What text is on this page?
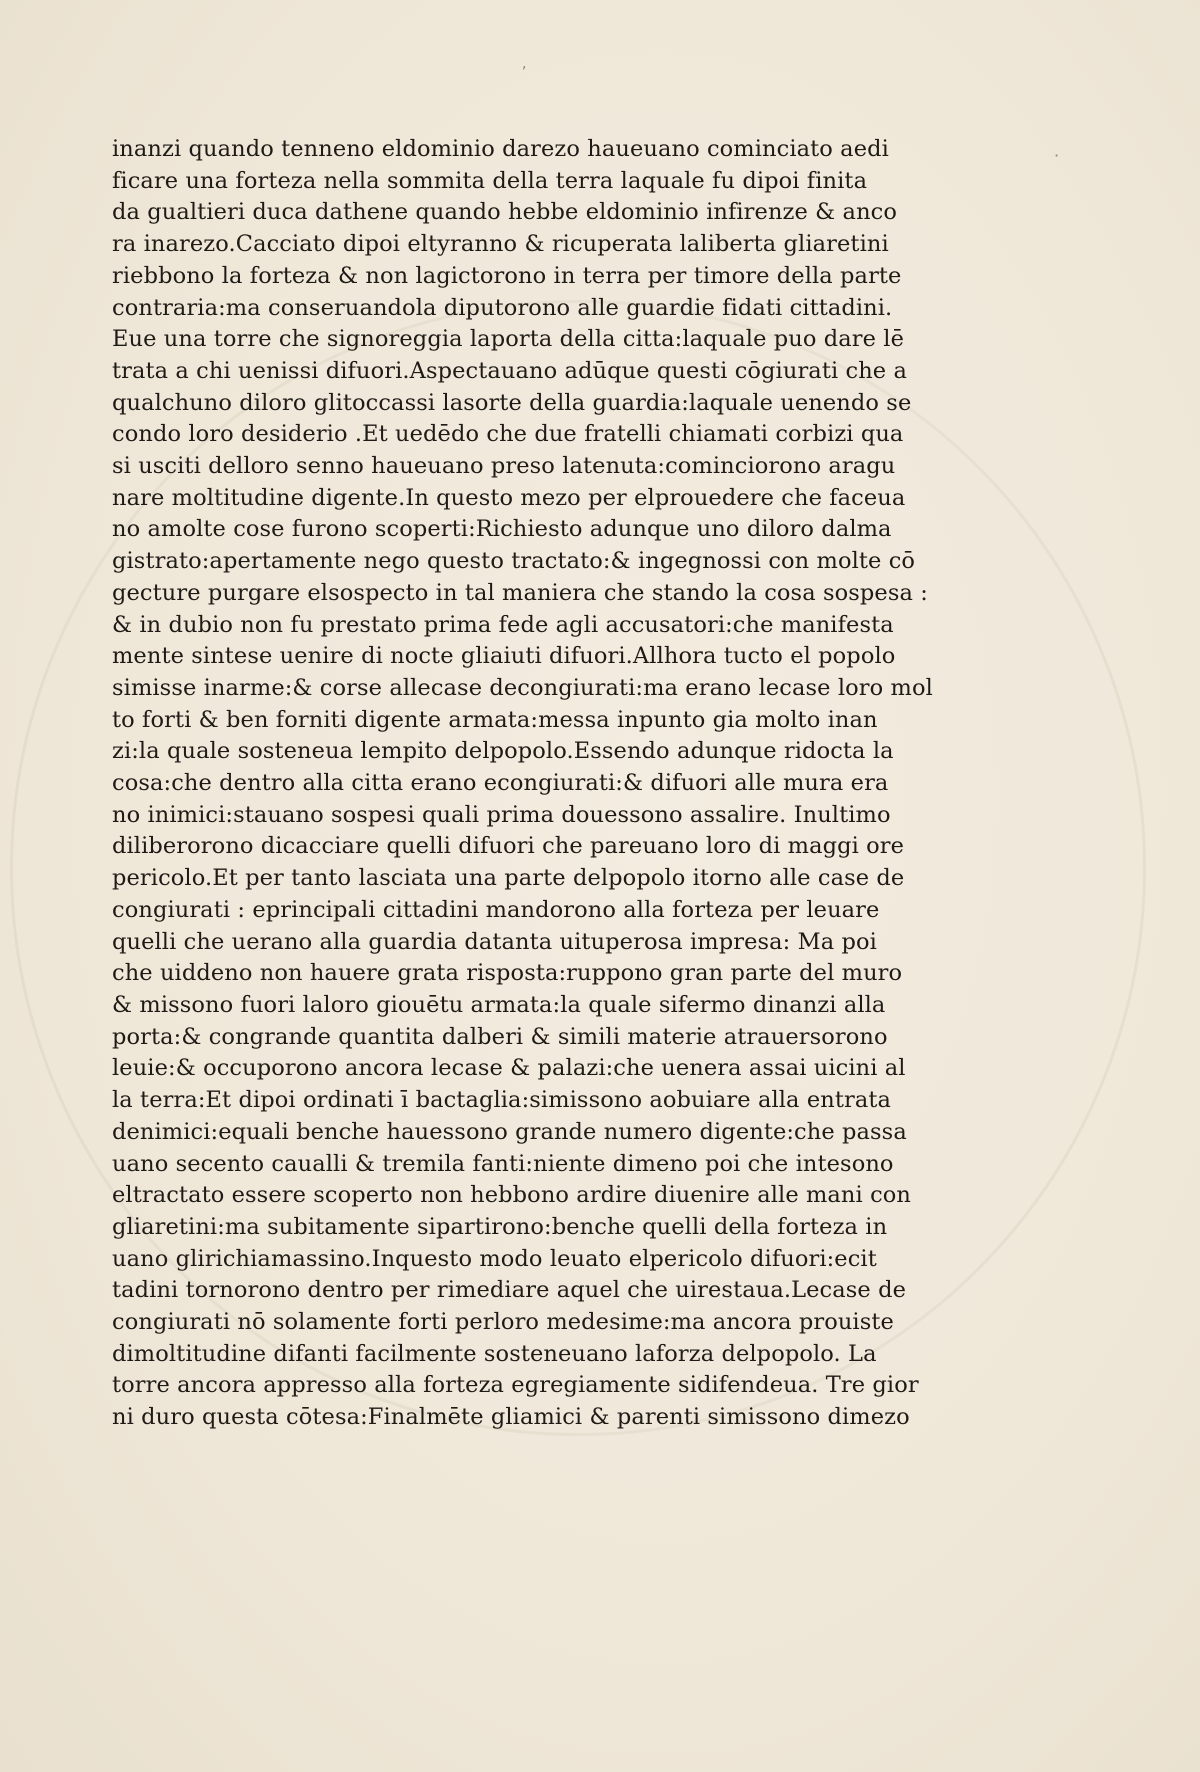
,
·
inanzi quando tenneno eldominio darezo haueuano cominciato aedi
ficare una forteza nella sommita della terra laquale fu dipoi finita
da gualtieri duca dathene quando hebbe eldominio infirenze & anco
ra inarezo.Cacciato dipoi eltyranno & ricuperata laliberta gliaretini
riebbono la forteza & non lagictorono in terra per timore della parte
contraria:ma conseruandola diputorono alle guardie fidati cittadini.
Eue una torre che signoreggia laporta della citta:laquale puo dare lē
trata a chi uenissi difuori.Aspectauano adūque questi cōgiurati che a
qualchuno diloro glitoccassi lasorte della guardia:laquale uenendo se
condo loro desiderio .Et uedēdo che due fratelli chiamati corbizi qua
si usciti delloro senno haueuano preso latenuta:cominciorono aragu
nare moltitudine digente.In questo mezo per elprouedere che faceua
no amolte cose furono scoperti:Richiesto adunque uno diloro dalma
gistrato:apertamente nego questo tractato:& ingegnossi con molte cō
gecture purgare elsospecto in tal maniera che stando la cosa sospesa :
& in dubio non fu prestato prima fede agli accusatori:che manifesta
mente sintese uenire di nocte gliaiuti difuori.Allhora tucto el popolo
simisse inarme:& corse allecase decongiurati:ma erano lecase loro mol
to forti & ben forniti digente armata:messa inpunto gia molto inan
zi:la quale sosteneua lempito delpopolo.Essendo adunque ridocta la
cosa:che dentro alla citta erano econgiurati:& difuori alle mura era
no inimici:stauano sospesi quali prima douessono assalire. Inultimo
diliberorono dicacciare quelli difuori che pareuano loro di maggi ore
pericolo.Et per tanto lasciata una parte delpopolo itorno alle case de
congiurati : eprincipali cittadini mandorono alla forteza per leuare
quelli che uerano alla guardia datanta uituperosa impresa: Ma poi
che uiddeno non hauere grata risposta:ruppono gran parte del muro
& missono fuori laloro giouētu armata:la quale sifermo dinanzi alla
porta:& congrande quantita dalberi & simili materie atrauersorono
leuie:& occuporono ancora lecase & palazi:che uenera assai uicini al
la terra:Et dipoi ordinati ī bactaglia:simissono aobuiare alla entrata
denimici:equali benche hauessono grande numero digente:che passa
uano secento caualli & tremila fanti:niente dimeno poi che intesono
eltractato essere scoperto non hebbono ardire diuenire alle mani con
gliaretini:ma subitamente sipartirono:benche quelli della forteza in
uano glirichiamassino.Inquesto modo leuato elpericolo difuori:ecit
tadini tornorono dentro per rimediare aquel che uirestaua.Lecase de
congiurati nō solamente forti perloro medesime:ma ancora prouiste
dimoltitudine difanti facilmente sosteneuano laforza delpopolo. La
torre ancora appresso alla forteza egregiamente sidifendeua. Tre gior
ni duro questa cōtesa:Finalmēte gliamici & parenti simissono dimezo
